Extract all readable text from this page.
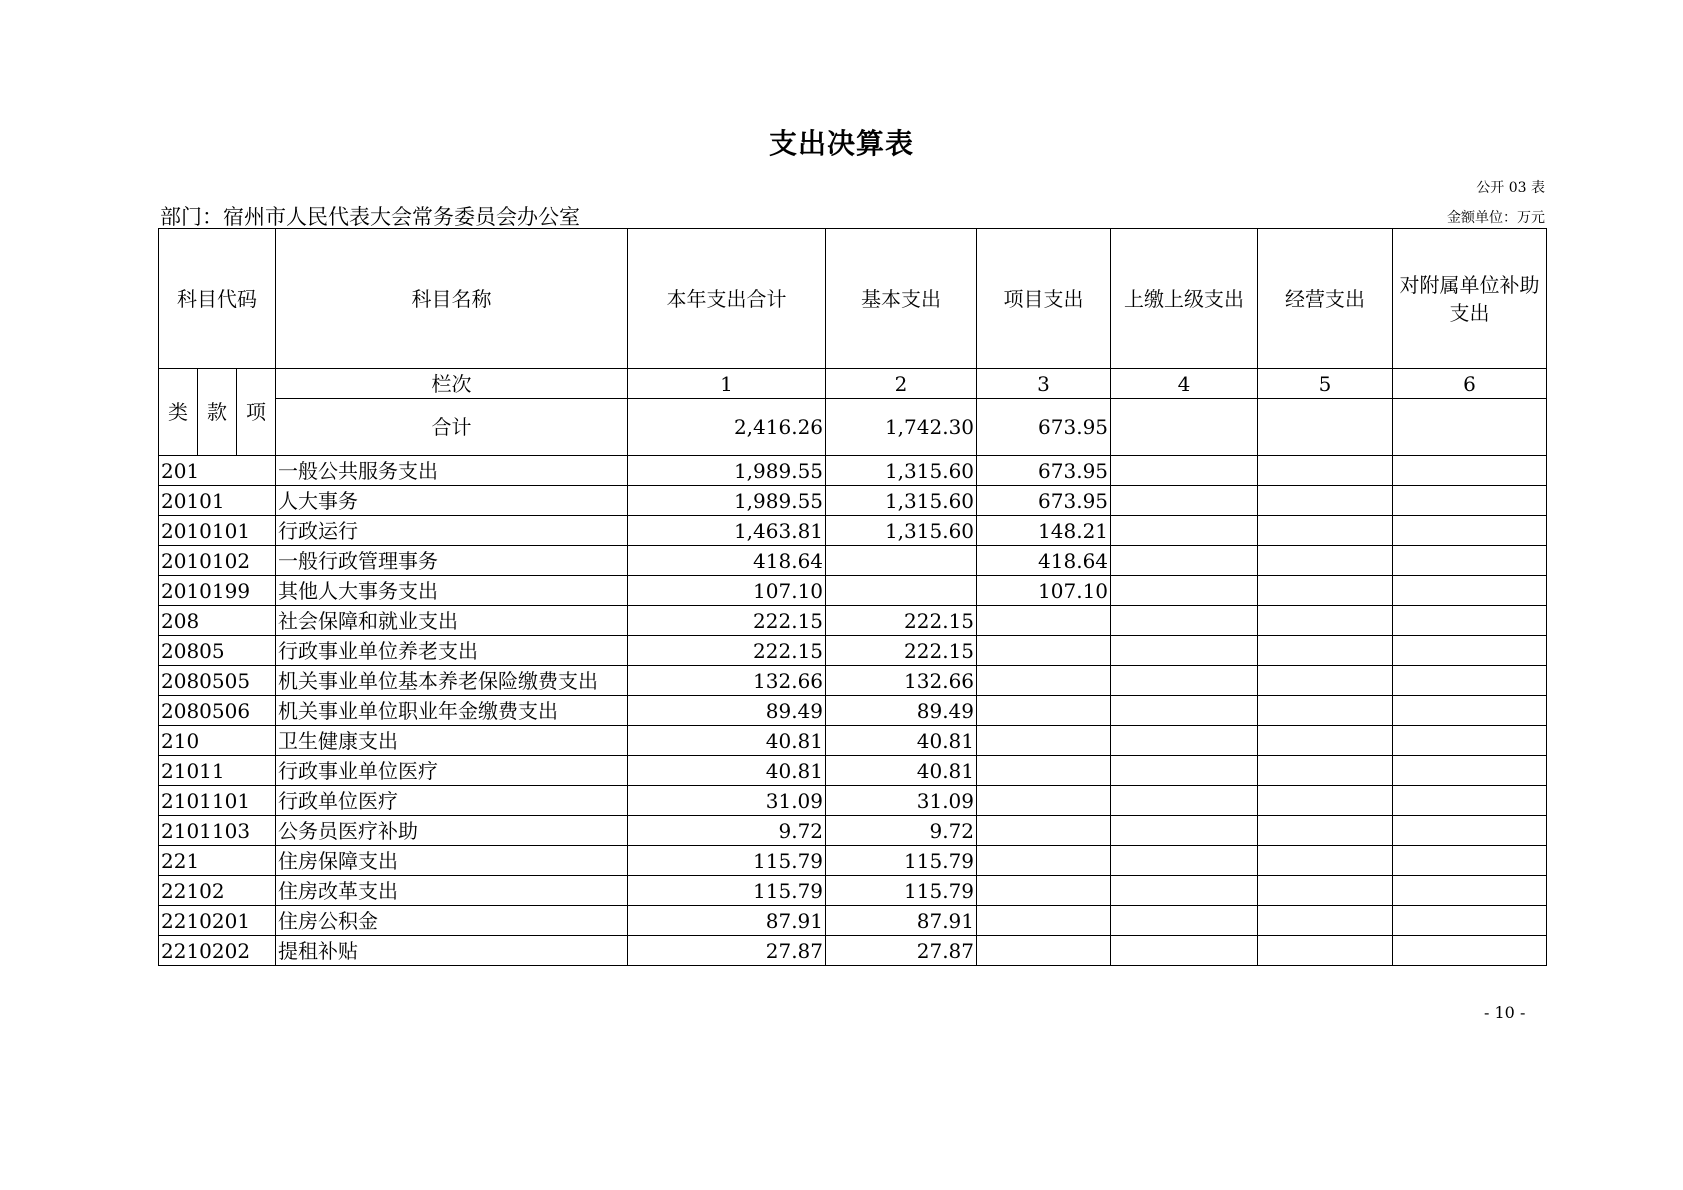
支出决算表
公开 03 表
部门：宿州市人民代表大会常务委员会办公室	金额单位：万元
科目代码			科目名称	本年支出合计	基本支出	项目支出	上缴上级支出	经营支出	对附属单位补助支出
类	款	项	栏次	1	2	3	4	5	6
			合计	2,416.26	1,742.30	673.95			
201			一般公共服务支出	1,989.55	1,315.60	673.95			
20101			人大事务	1,989.55	1,315.60	673.95			
2010101			行政运行	1,463.81	1,315.60	148.21			
2010102			一般行政管理事务	418.64		418.64			
2010199			其他人大事务支出	107.10		107.10			
208			社会保障和就业支出	222.15	222.15				
20805			行政事业单位养老支出	222.15	222.15				
2080505			机关事业单位基本养老保险缴费支出	132.66	132.66				
2080506			机关事业单位职业年金缴费支出	89.49	89.49				
210			卫生健康支出	40.81	40.81				
21011			行政事业单位医疗	40.81	40.81				
2101101			行政单位医疗	31.09	31.09				
2101103			公务员医疗补助	9.72	9.72				
221			住房保障支出	115.79	115.79				
22102			住房改革支出	115.79	115.79				
2210201			住房公积金	87.91	87.91				
2210202			提租补贴	27.87	27.87				
- 10 -
